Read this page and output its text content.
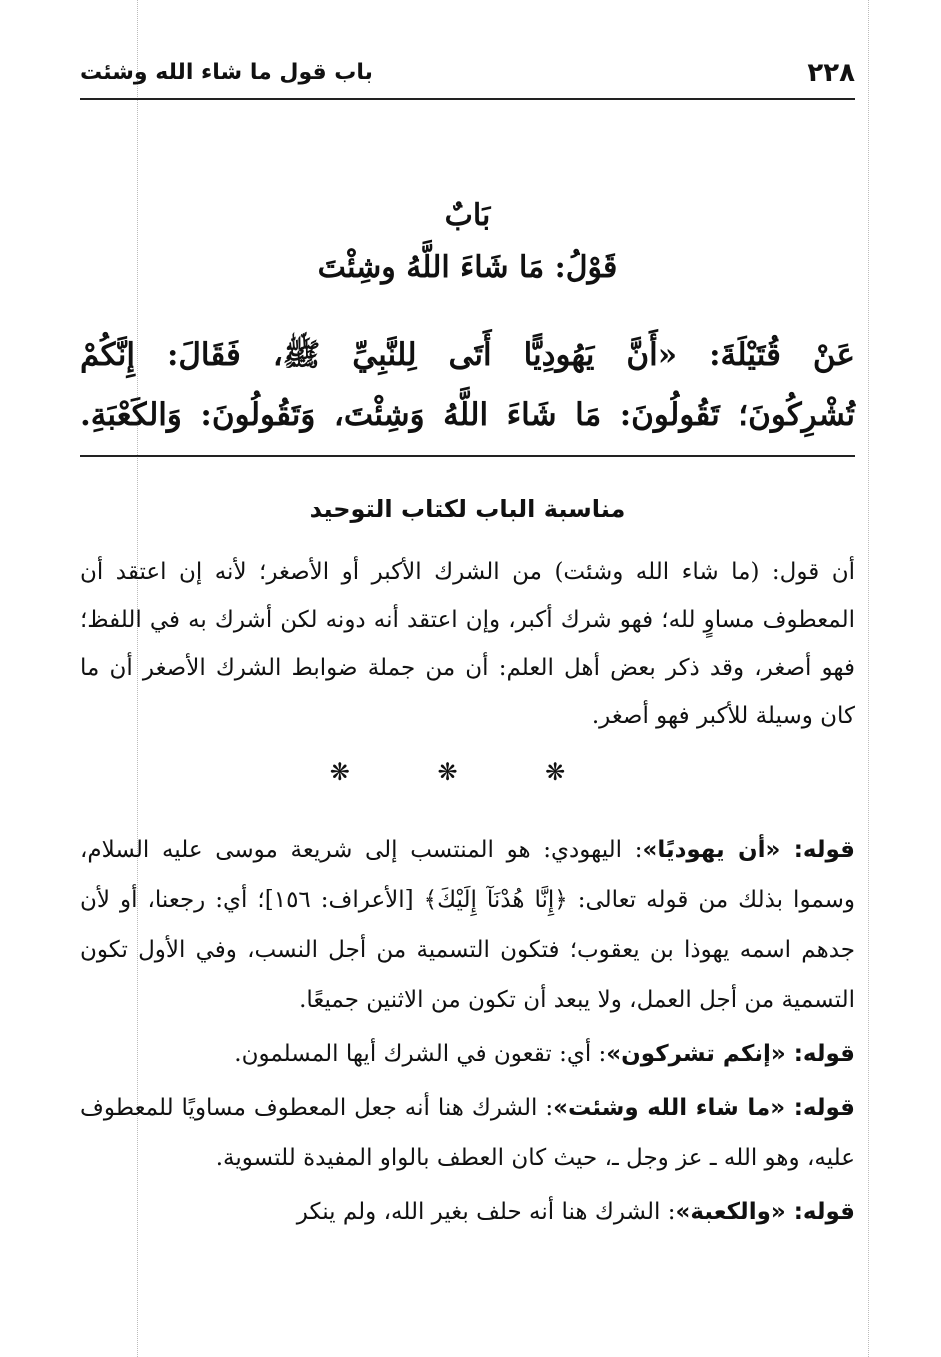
٢٢٨
باب قول ما شاء الله وشئت
بَابٌ
قَوْلُ: مَا شَاءَ اللَّهُ وشِئْتَ

عَنْ قُتَيْلَةَ: «أَنَّ يَهُودِيًّا أَتَى لِلنَّبِيِّ ﷺ، فَقَالَ: إِنَّكُمْ

تُشْرِكُونَ؛ تَقُولُونَ: مَا شَاءَ اللَّهُ وَشِئْتَ، وَتَقُولُونَ: وَالكَعْبَةِ.

مناسبة الباب لكتاب التوحيد

أن قول: (ما شاء الله وشئت) من الشرك الأكبر أو الأصغر؛ لأنه إن اعتقد أن المعطوف مساوٍ لله؛ فهو شرك أكبر، وإن اعتقد أنه دونه لكن أشرك به في اللفظ؛ فهو أصغر، وقد ذكر بعض أهل العلم: أن من جملة ضوابط الشرك الأصغر أن ما كان وسيلة للأكبر فهو أصغر.

❋ ❋ ❋

قوله: «أن يهوديًا»: اليهودي: هو المنتسب إلى شريعة موسى عليه السلام، وسموا بذلك من قوله تعالى: ﴿إِنَّا هُدْنَآ إِلَيْكَ﴾ [الأعراف: ١٥٦]؛ أي: رجعنا، أو لأن جدهم اسمه يهوذا بن يعقوب؛ فتكون التسمية من أجل النسب، وفي الأول تكون التسمية من أجل العمل، ولا يبعد أن تكون من الاثنين جميعًا.

قوله: «إنكم تشركون»: أي: تقعون في الشرك أيها المسلمون.

قوله: «ما شاء الله وشئت»: الشرك هنا أنه جعل المعطوف مساويًا للمعطوف عليه، وهو الله ـ عز وجل ـ، حيث كان العطف بالواو المفيدة للتسوية.

قوله: «والكعبة»: الشرك هنا أنه حلف بغير الله، ولم ينكر
